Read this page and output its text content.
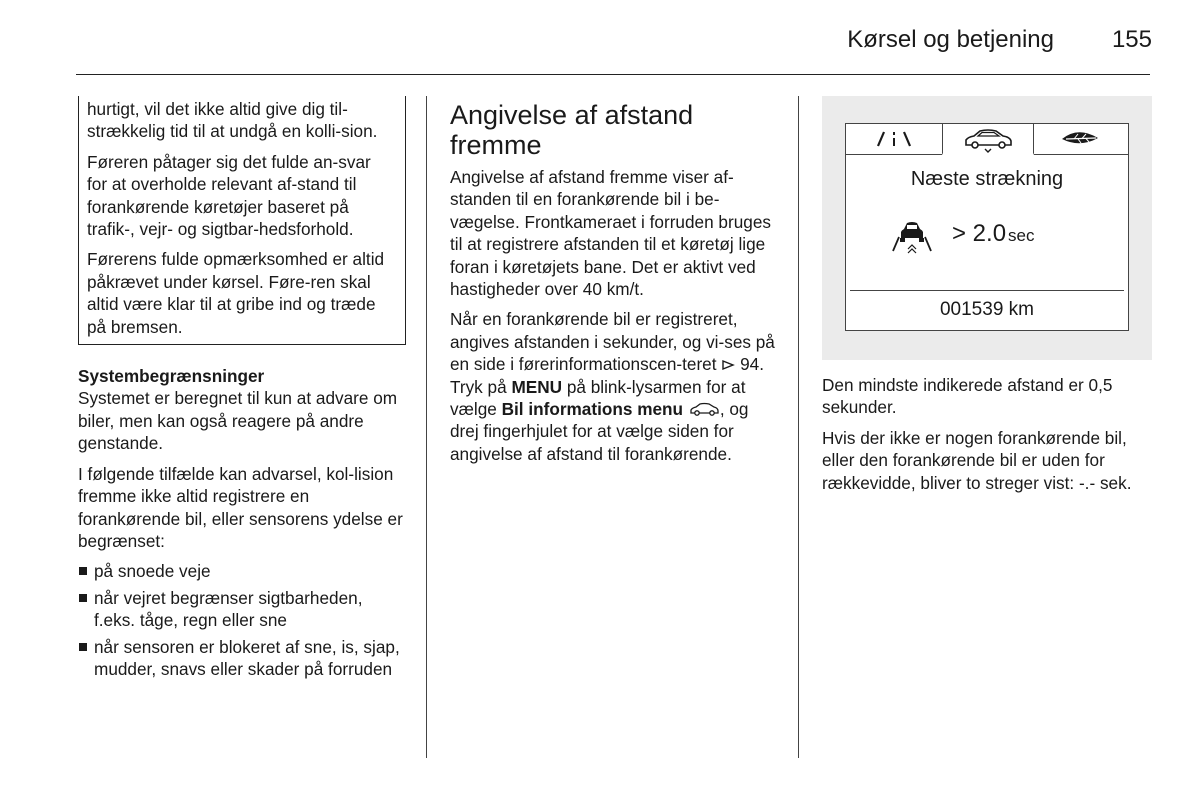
Kørsel og betjening 155

hurtigt, vil det ikke altid give dig til-strækkelig tid til at undgå en kolli-sion.

Føreren påtager sig det fulde an-svar for at overholde relevant af-stand til forankørende køretøjer baseret på trafik-, vejr- og sigtbar-hedsforhold.

Førerens fulde opmærksomhed er altid påkrævet under kørsel. Føre-ren skal altid være klar til at gribe ind og træde på bremsen.

Systembegrænsninger

Systemet er beregnet til kun at advare om biler, men kan også reagere på andre genstande.

I følgende tilfælde kan advarsel, kol-lision fremme ikke altid registrere en forankørende bil, eller sensorens ydelse er begrænset:

på snoede veje
når vejret begrænser sigtbarheden, f.eks. tåge, regn eller sne
når sensoren er blokeret af sne, is, sjap, mudder, snavs eller skader på forruden
Angivelse af afstand fremme

Angivelse af afstand fremme viser af-standen til en forankørende bil i be-vægelse. Frontkameraet i forruden bruges til at registrere afstanden til et køretøj lige foran i køretøjets bane. Det er aktivt ved hastigheder over 40 km/t.

Når en forankørende bil er registreret, angives afstanden i sekunder, og vi-ses på en side i førerinformationscen-teret 94. Tryk på MENU på blink-lysarmen for at vælge Bil informations menu , og drej fingerhjulet for at vælge siden for angivelse af afstand til forankørende.

Næste strækning
> 2.0 sec
001539 km

Den mindste indikerede afstand er 0,5 sekunder.

Hvis der ikke er nogen forankørende bil, eller den forankørende bil er uden for rækkevidde, bliver to streger vist: -.- sek.
